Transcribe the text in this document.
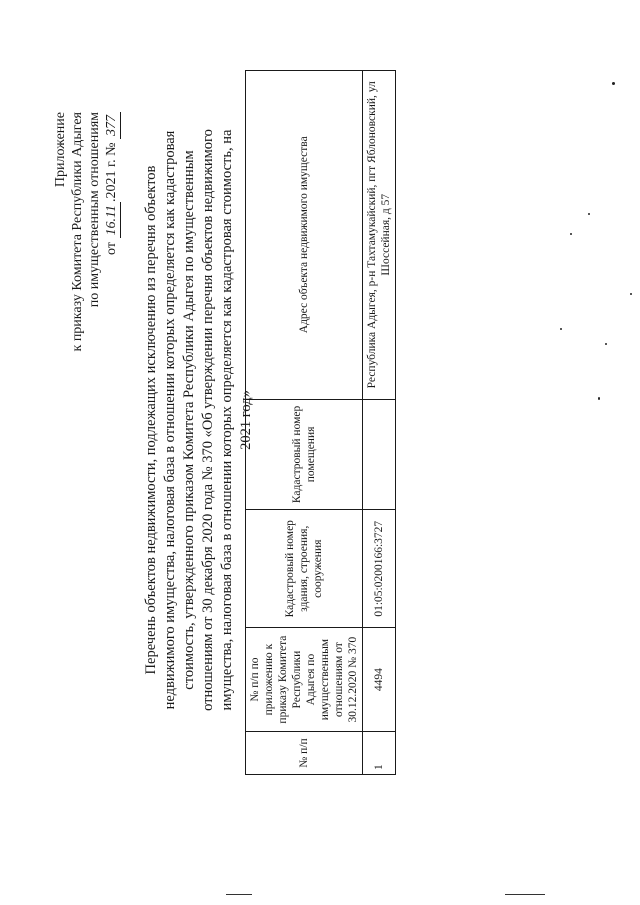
Приложение к приказу Комитета Республики Адыгея по имущественным отношениям от 16.11.2021 г. № 377
Перечень объектов недвижимости, подлежащих исключению из перечня объектов недвижимого имущества, налоговая база в отношении которых определяется как кадастровая стоимость, утвержденного приказом Комитета Республики Адыгея по имущественным отношениям от 30 декабря 2020 года № 370 «Об утверждении перечня объектов недвижимого имущества, налоговая база в отношении которых определяется как кадастровая стоимость, на 2021 год»
№ п/п	№ п/п по приложению к приказу Комитета Республики Адыгея по имущественным отношениям от 30.12.2020 № 370	Кадастровый номер здания, строения, сооружения	Кадастровый номер помещения	Адрес объекта недвижимого имущества
1	4494	01:05:0200166:3727		Республика Адыгея, р-н Тахтамукайский, пгт Яблоновский, ул Шоссейная, д 57
